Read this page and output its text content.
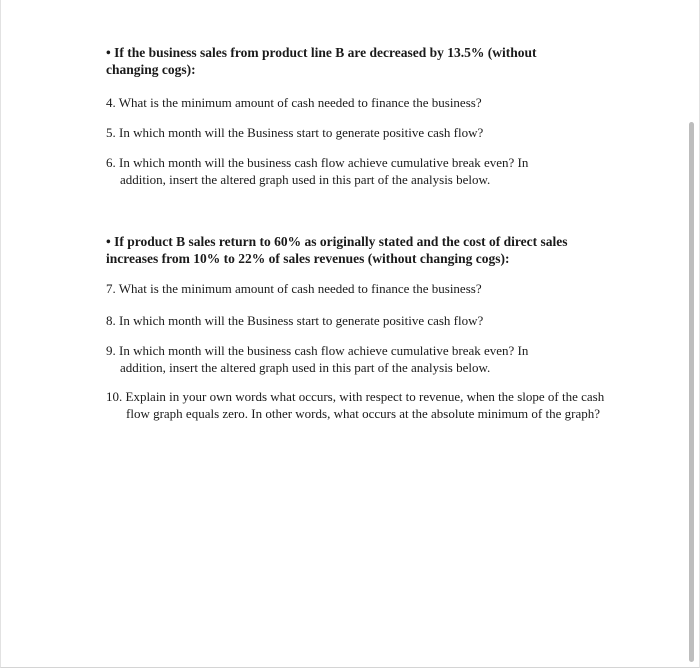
• If the business sales from product line B are decreased by 13.5% (without changing cogs):

4. What is the minimum amount of cash needed to finance the business?

5. In which month will the Business start to generate positive cash flow?

6. In which month will the business cash flow achieve cumulative break even? In addition, insert the altered graph used in this part of the analysis below.

• If product B sales return to 60% as originally stated and the cost of direct sales increases from 10% to 22% of sales revenues (without changing cogs):

7. What is the minimum amount of cash needed to finance the business?

8. In which month will the Business start to generate positive cash flow?

9. In which month will the business cash flow achieve cumulative break even? In addition, insert the altered graph used in this part of the analysis below.

10. Explain in your own words what occurs, with respect to revenue, when the slope of the cash flow graph equals zero. In other words, what occurs at the absolute minimum of the graph?
